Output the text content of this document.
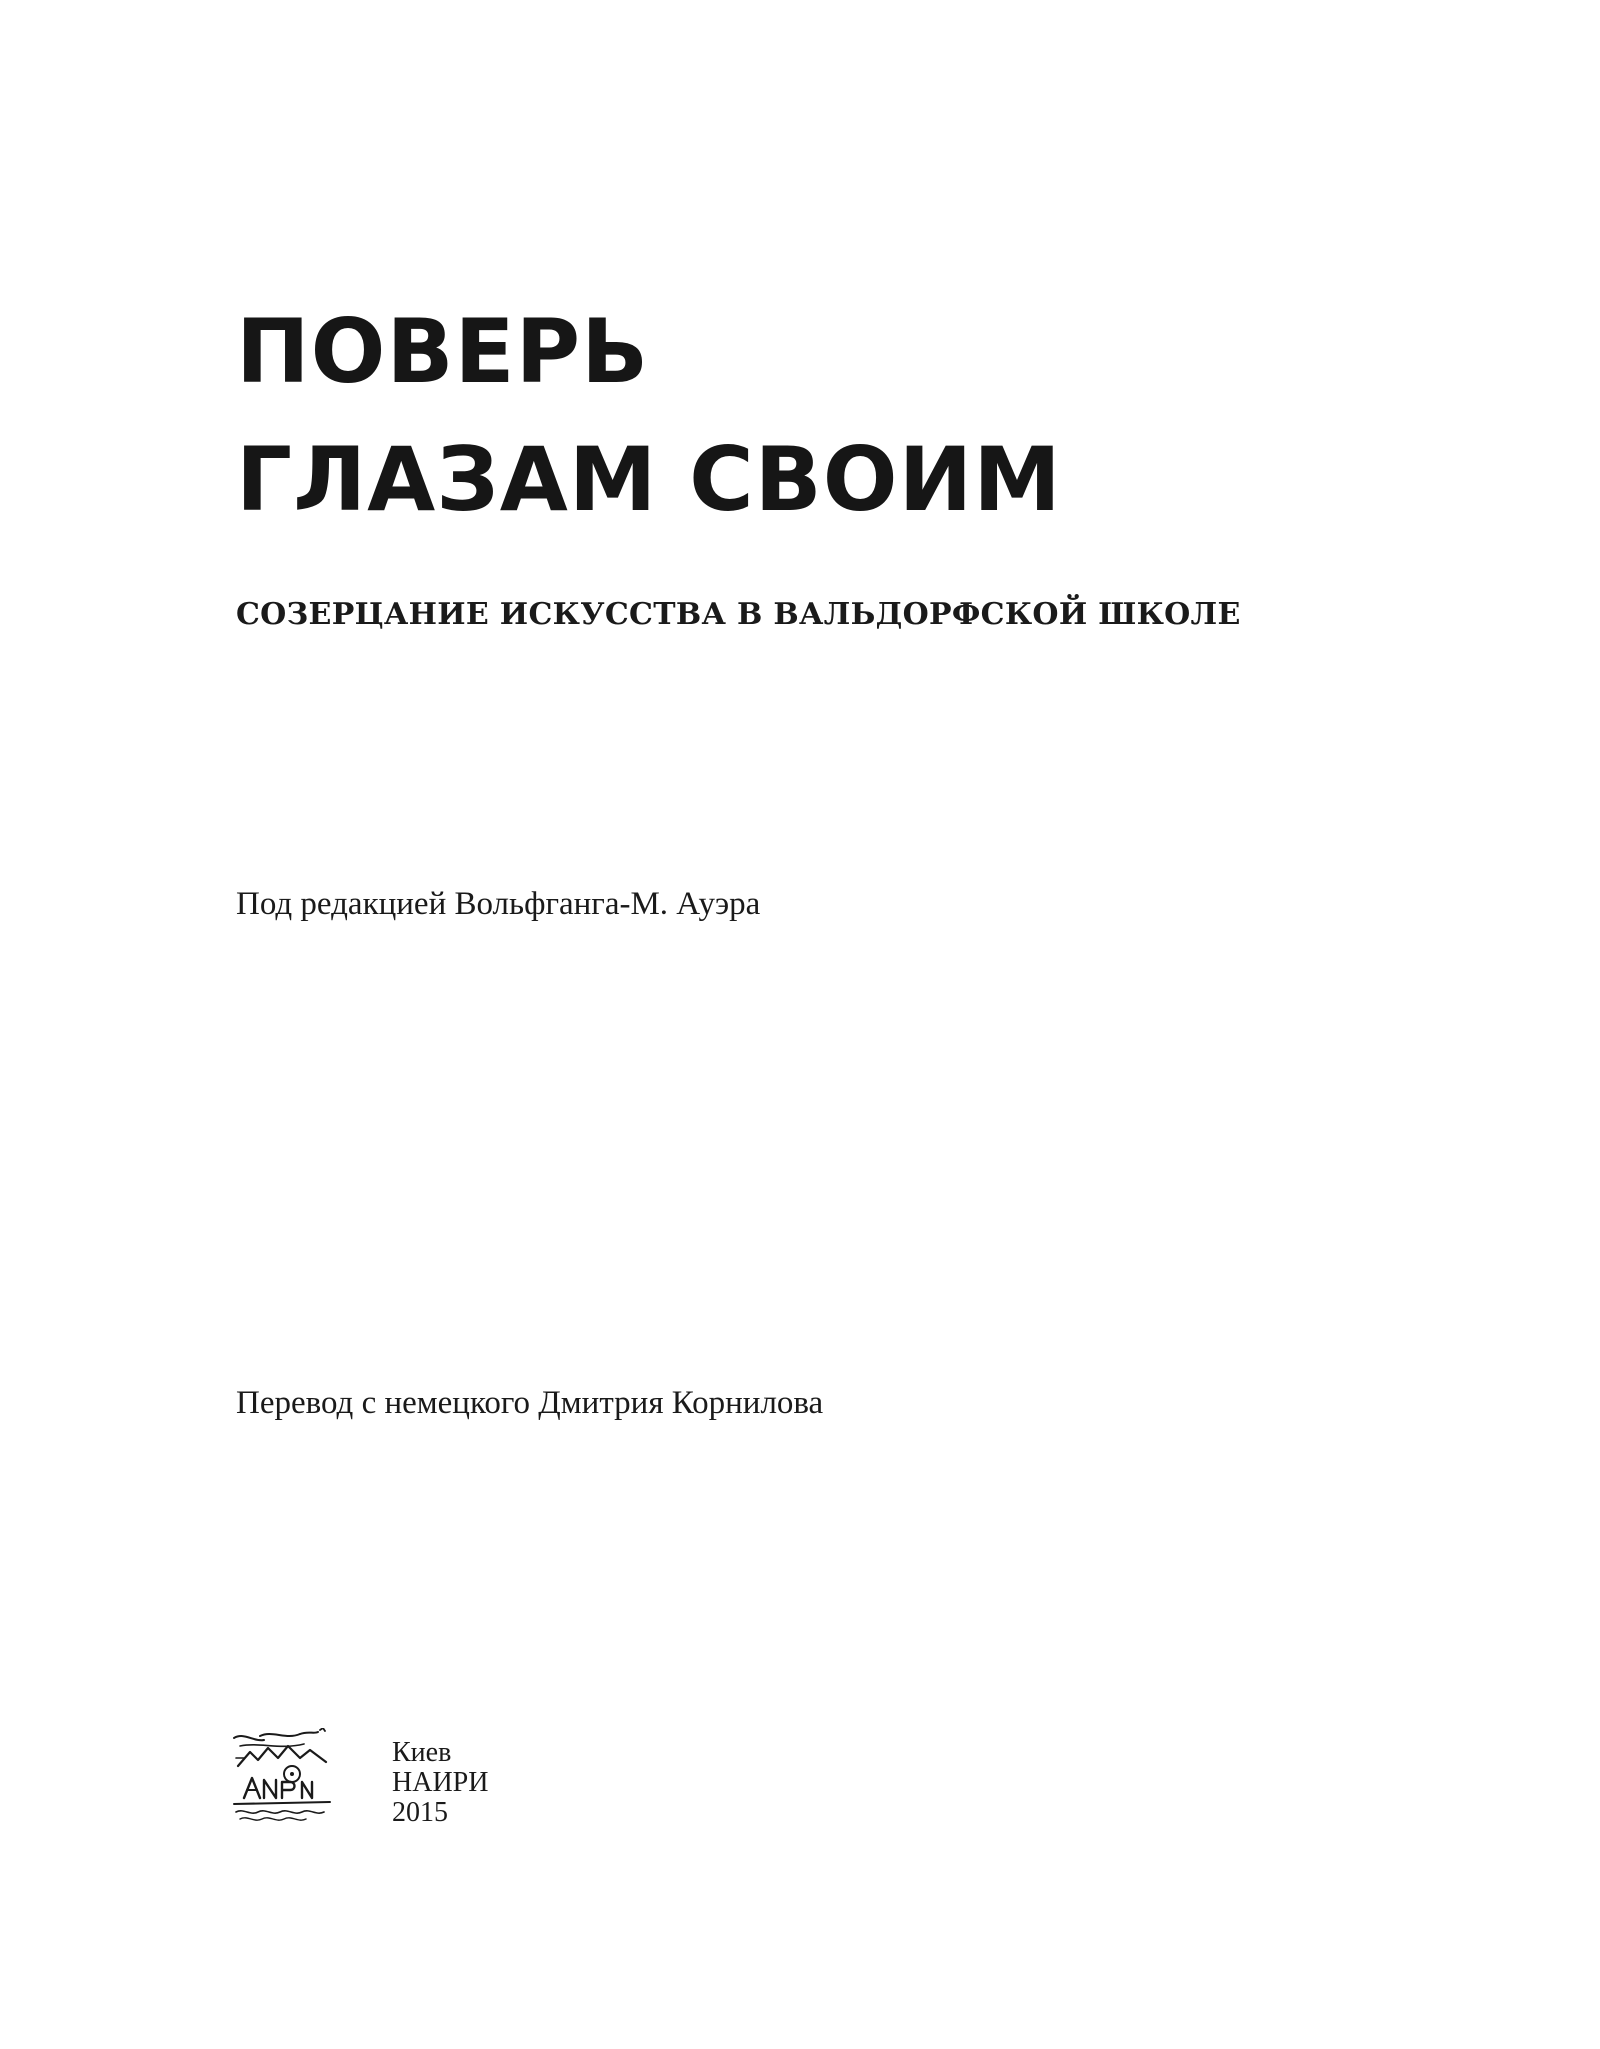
ПОВЕРЬ
ГЛАЗАМ СВОИМ
СОЗЕРЦАНИЕ ИСКУССТВА В ВАЛЬДОРФСКОЙ ШКОЛЕ

Под редакцией Вольфганга-М. Ауэра

Перевод с немецкого Дмитрия Корнилова

Киев
НАИРИ
2015
